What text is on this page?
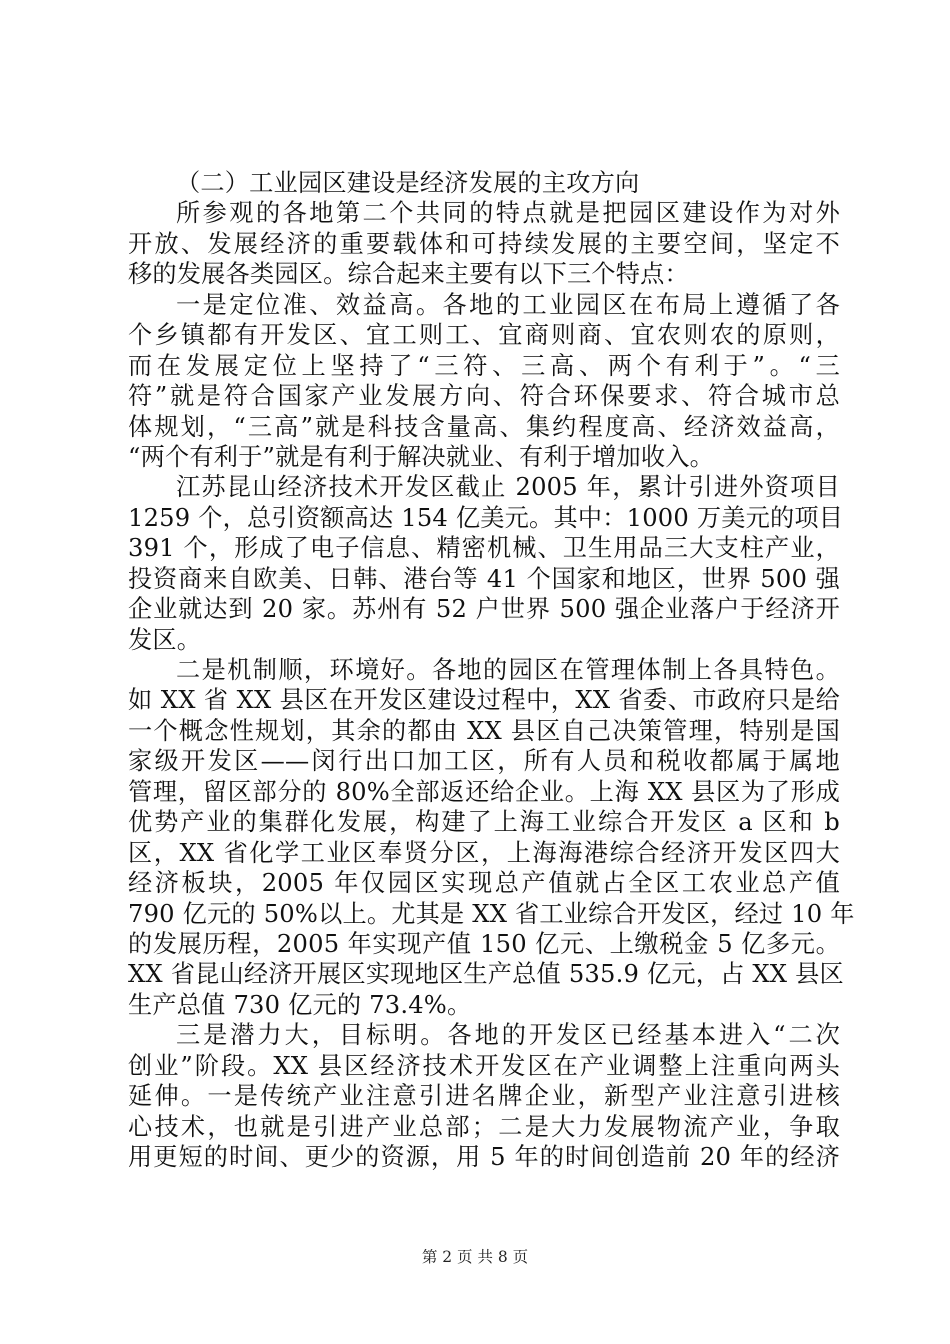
（二）工业园区建设是经济发展的主攻方向
所参观的各地第二个共同的特点就是把园区建设作为对外
开放、发展经济的重要载体和可持续发展的主要空间，坚定不
移的发展各类园区。综合起来主要有以下三个特点：
一是定位准、效益高。各地的工业园区在布局上遵循了各
个乡镇都有开发区、宜工则工、宜商则商、宜农则农的原则，
而在发展定位上坚持了“三符、三高、两个有利于”。“三
符”就是符合国家产业发展方向、符合环保要求、符合城市总
体规划，“三高”就是科技含量高、集约程度高、经济效益高，
“两个有利于”就是有利于解决就业、有利于增加收入。
江苏昆山经济技术开发区截止 2005 年，累计引进外资项目
1259 个，总引资额高达 154 亿美元。其中：1000 万美元的项目
391 个，形成了电子信息、精密机械、卫生用品三大支柱产业，
投资商来自欧美、日韩、港台等 41 个国家和地区，世界 500 强
企业就达到 20 家。苏州有 52 户世界 500 强企业落户于经济开
发区。
二是机制顺，环境好。各地的园区在管理体制上各具特色。
如 XX 省 XX 县区在开发区建设过程中，XX 省委、市政府只是给
一个概念性规划，其余的都由 XX 县区自己决策管理，特别是国
家级开发区——闵行出口加工区，所有人员和税收都属于属地
管理，留区部分的 80%全部返还给企业。上海 XX 县区为了形成
优势产业的集群化发展，构建了上海工业综合开发区 a 区和 b
区，XX 省化学工业区奉贤分区，上海海港综合经济开发区四大
经济板块，2005 年仅园区实现总产值就占全区工农业总产值
790 亿元的 50%以上。尤其是 XX 省工业综合开发区，经过 10 年
的发展历程，2005 年实现产值 150 亿元、上缴税金 5 亿多元。
XX 省昆山经济开展区实现地区生产总值 535.9 亿元，占 XX 县区
生产总值 730 亿元的 73.4%。
三是潜力大，目标明。各地的开发区已经基本进入“二次
创业”阶段。XX 县区经济技术开发区在产业调整上注重向两头
延伸。一是传统产业注意引进名牌企业，新型产业注意引进核
心技术，也就是引进产业总部；二是大力发展物流产业，争取
用更短的时间、更少的资源，用 5 年的时间创造前 20 年的经济
第 2 页 共 8 页
